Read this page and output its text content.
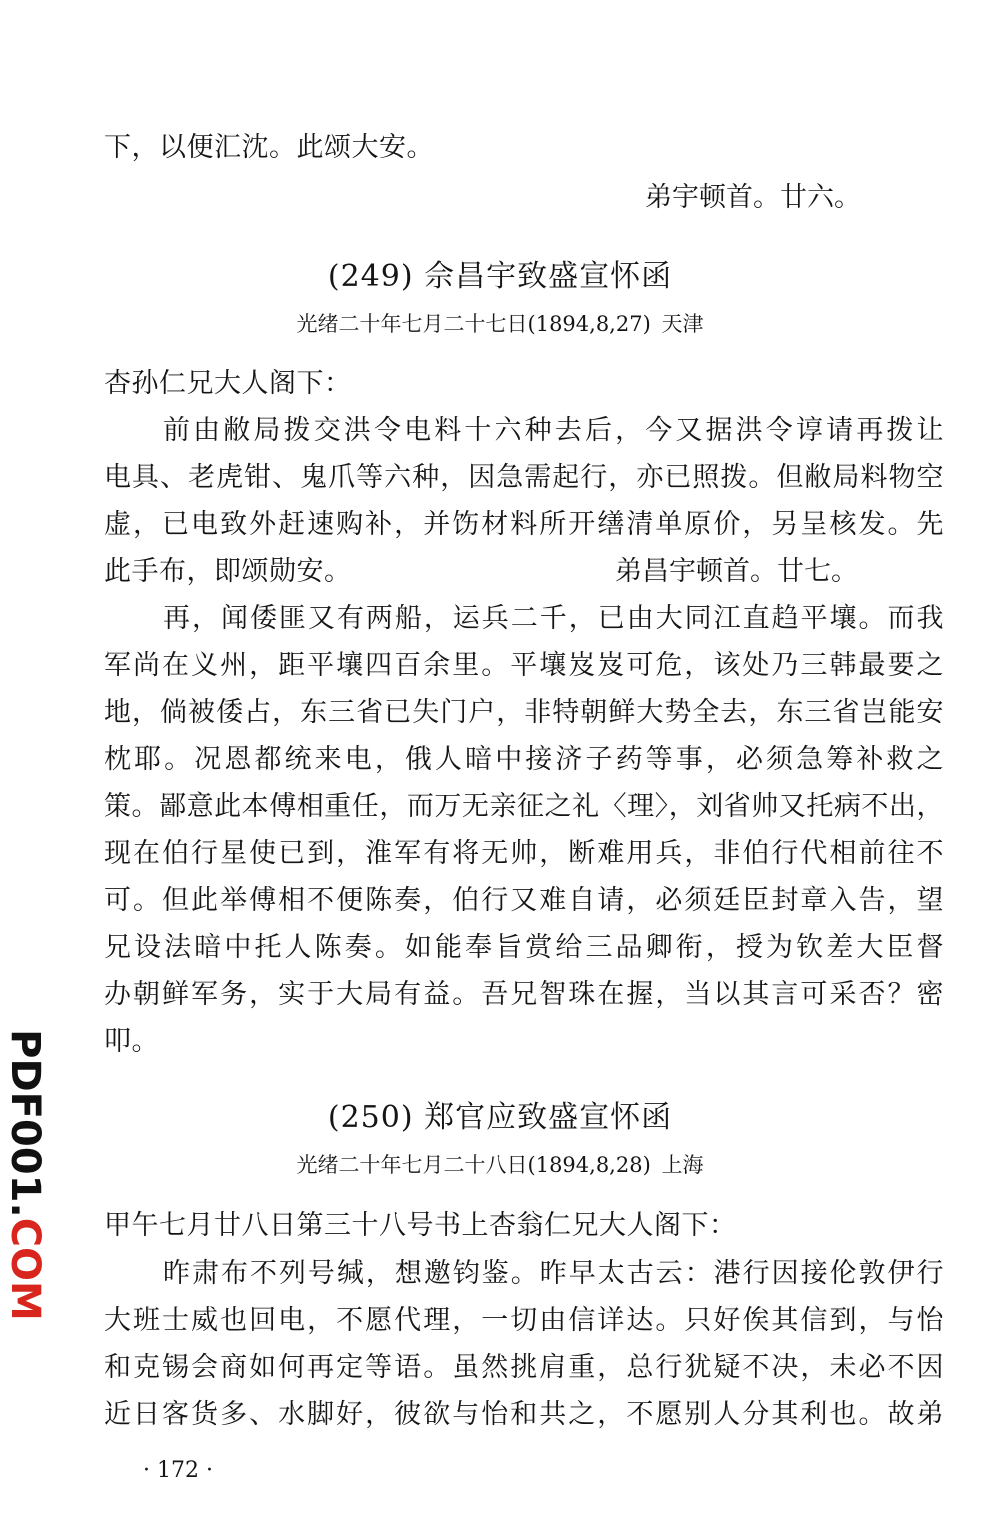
下，以便汇沈。此颂大安。
弟宇顿首。廿六。
(249) 佘昌宇致盛宣怀函
光绪二十年七月二十七日(1894,8,27) 天津
杏孙仁兄大人阁下：
前由敝局拨交洪令电料十六种去后，今又据洪令谆请再拨让
电具、老虎钳、鬼爪等六种，因急需起行，亦已照拨。但敝局料物空
虚，已电致外赶速购补，并饬材料所开缮清单原价，另呈核发。先
此手布，即颂勋安。	弟昌宇顿首。廿七。
再，闻倭匪又有两船，运兵二千，已由大同江直趋平壤。而我
军尚在义州，距平壤四百余里。平壤岌岌可危，该处乃三韩最要之
地，倘被倭占，东三省已失门户，非特朝鲜大势全去，东三省岂能安
枕耶。况恩都统来电，俄人暗中接济子药等事，必须急筹补救之
策。鄙意此本傅相重任，而万无亲征之礼〈理〉，刘省帅又托病不出，
现在伯行星使已到，淮军有将无帅，断难用兵，非伯行代相前往不
可。但此举傅相不便陈奏，伯行又难自请，必须廷臣封章入告，望
兄设法暗中托人陈奏。如能奉旨赏给三品卿衔，授为钦差大臣督
办朝鲜军务，实于大局有益。吾兄智珠在握，当以其言可采否？密
叩。
(250) 郑官应致盛宣怀函
光绪二十年七月二十八日(1894,8,28) 上海
甲午七月廿八日第三十八号书上杏翁仁兄大人阁下：
昨肃布不列号缄，想邀钧鉴。昨早太古云：港行因接伦敦伊行
大班士威也回电，不愿代理，一切由信详达。只好俟其信到，与怡
和克锡会商如何再定等语。虽然挑肩重，总行犹疑不决，未必不因
近日客货多、水脚好，彼欲与怡和共之，不愿别人分其利也。故弟
PDF001.COM
· 172 ·
